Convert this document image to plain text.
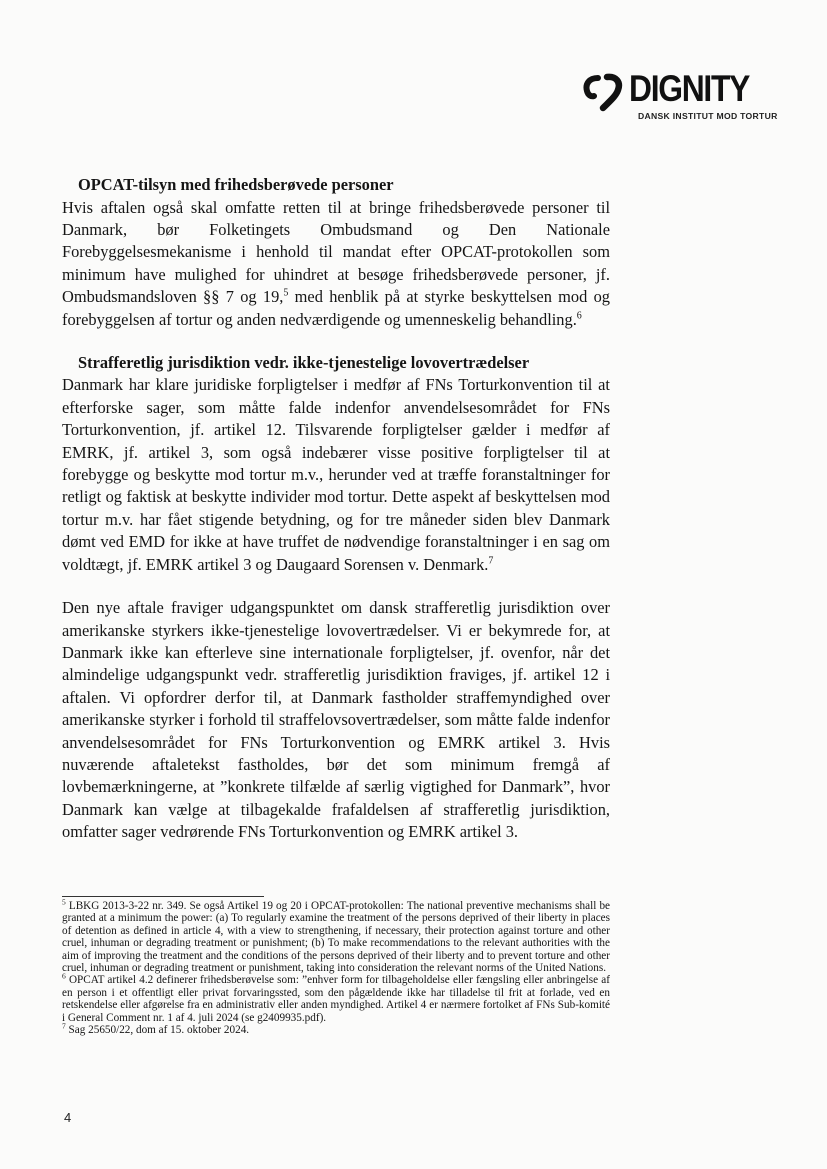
DIGNITY
DANSK INSTITUT MOD TORTUR
OPCAT-tilsyn med frihedsberøvede personer

Hvis aftalen også skal omfatte retten til at bringe frihedsberøvede personer til Danmark, bør Folketingets Ombudsmand og Den Nationale Forebyggelsesmekanisme i henhold til mandat efter OPCAT-protokollen som minimum have mulighed for uhindret at besøge frihedsberøvede personer, jf. Ombudsmandsloven §§ 7 og 19,$^5$ med henblik på at styrke beskyttelsen mod og forebyggelsen af tortur og anden nedværdigende og umenneskelig behandling.$^6$

Strafferetlig jurisdiktion vedr. ikke-tjenestelige lovovertrædelser

Danmark har klare juridiske forpligtelser i medfør af FNs Torturkonvention til at efterforske sager, som måtte falde indenfor anvendelsesområdet for FNs Torturkonvention, jf. artikel 12. Tilsvarende forpligtelser gælder i medfør af EMRK, jf. artikel 3, som også indebærer visse positive forpligtelser til at forebygge og beskytte mod tortur m.v., herunder ved at træffe foranstaltninger for retligt og faktisk at beskytte individer mod tortur. Dette aspekt af beskyttelsen mod tortur m.v. har fået stigende betydning, og for tre måneder siden blev Danmark dømt ved EMD for ikke at have truffet de nødvendige foranstaltninger i en sag om voldtægt, jf. EMRK artikel 3 og Daugaard Sorensen v. Denmark.$^7$

Den nye aftale fraviger udgangspunktet om dansk strafferetlig jurisdiktion over amerikanske styrkers ikke-tjenestelige lovovertrædelser. Vi er bekymrede for, at Danmark ikke kan efterleve sine internationale forpligtelser, jf. ovenfor, når det almindelige udgangspunkt vedr. strafferetlig jurisdiktion fraviges, jf. artikel 12 i aftalen. Vi opfordrer derfor til, at Danmark fastholder straffemyndighed over amerikanske styrker i forhold til straffelovsovertrædelser, som måtte falde indenfor anvendelsesområdet for FNs Torturkonvention og EMRK artikel 3. Hvis nuværende aftaletekst fastholdes, bør det som minimum fremgå af lovbemærkningerne, at ”konkrete tilfælde af særlig vigtighed for Danmark”, hvor Danmark kan vælge at tilbagekalde frafaldelsen af strafferetlig jurisdiktion, omfatter sager vedrørende FNs Torturkonvention og EMRK artikel 3.

$^5$ LBKG 2013-3-22 nr. 349. Se også Artikel 19 og 20 i OPCAT-protokollen: The national preventive mechanisms shall be granted at a minimum the power: (a) To regularly examine the treatment of the persons deprived of their liberty in places of detention as defined in article 4, with a view to strengthening, if necessary, their protection against torture and other cruel, inhuman or degrading treatment or punishment; (b) To make recommendations to the relevant authorities with the aim of improving the treatment and the conditions of the persons deprived of their liberty and to prevent torture and other cruel, inhuman or degrading treatment or punishment, taking into consideration the relevant norms of the United Nations.

$^6$ OPCAT artikel 4.2 definerer frihedsberøvelse som: ”enhver form for tilbageholdelse eller fængsling eller anbringelse af en person i et offentligt eller privat forvaringssted, som den pågældende ikke har tilladelse til frit at forlade, ved en retskendelse eller afgørelse fra en administrativ eller anden myndighed. Artikel 4 er nærmere fortolket af FNs Sub-komité i General Comment nr. 1 af 4. juli 2024 (se g2409935.pdf).

$^7$ Sag 25650/22, dom af 15. oktober 2024.

4
